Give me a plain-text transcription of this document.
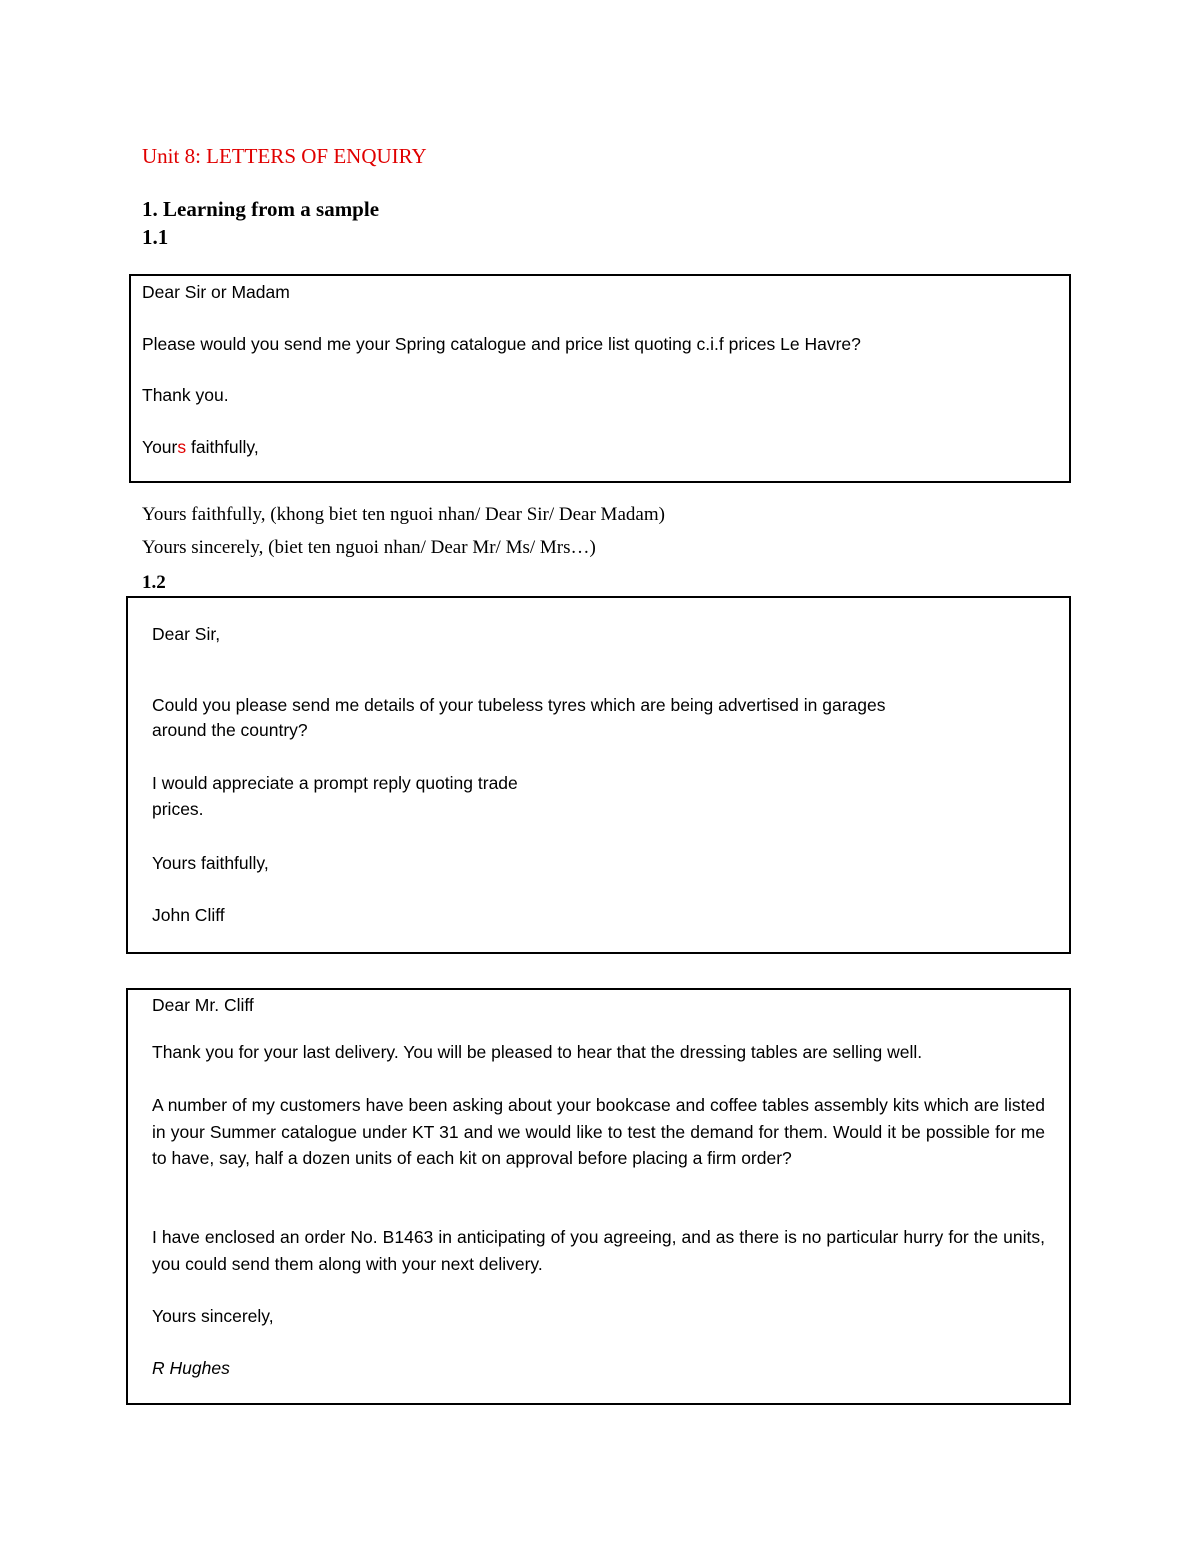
Unit 8: LETTERS OF ENQUIRY
1. Learning from a sample
1.1

Dear Sir or Madam

Please would you send me your Spring catalogue and price list quoting c.i.f prices Le Havre?

Thank you.

Yours faithfully,

Yours faithfully, (khong biet ten nguoi nhan/ Dear Sir/ Dear Madam)

Yours sincerely, (biet ten nguoi nhan/ Dear Mr/ Ms/ Mrs…)

1.2

Dear Sir,

Could you please send me details of your tubeless tyres which are being advertised in garages

around the country?

I would appreciate a prompt reply quoting trade

prices.

Yours faithfully,

John Cliff

Dear Mr. Cliff

Thank you for your last delivery. You will be pleased to hear that the dressing tables are selling well.

A number of my customers have been asking about your bookcase and coffee tables assembly kits which are listed in your Summer catalogue under KT 31 and we would like to test the demand for them. Would it be possible for me to have, say, half a dozen units of each kit on approval before placing a firm order?

I have enclosed an order No. B1463 in anticipating of you agreeing, and as there is no particular hurry for the units, you could send them along with your next delivery.

Yours sincerely,

R Hughes
